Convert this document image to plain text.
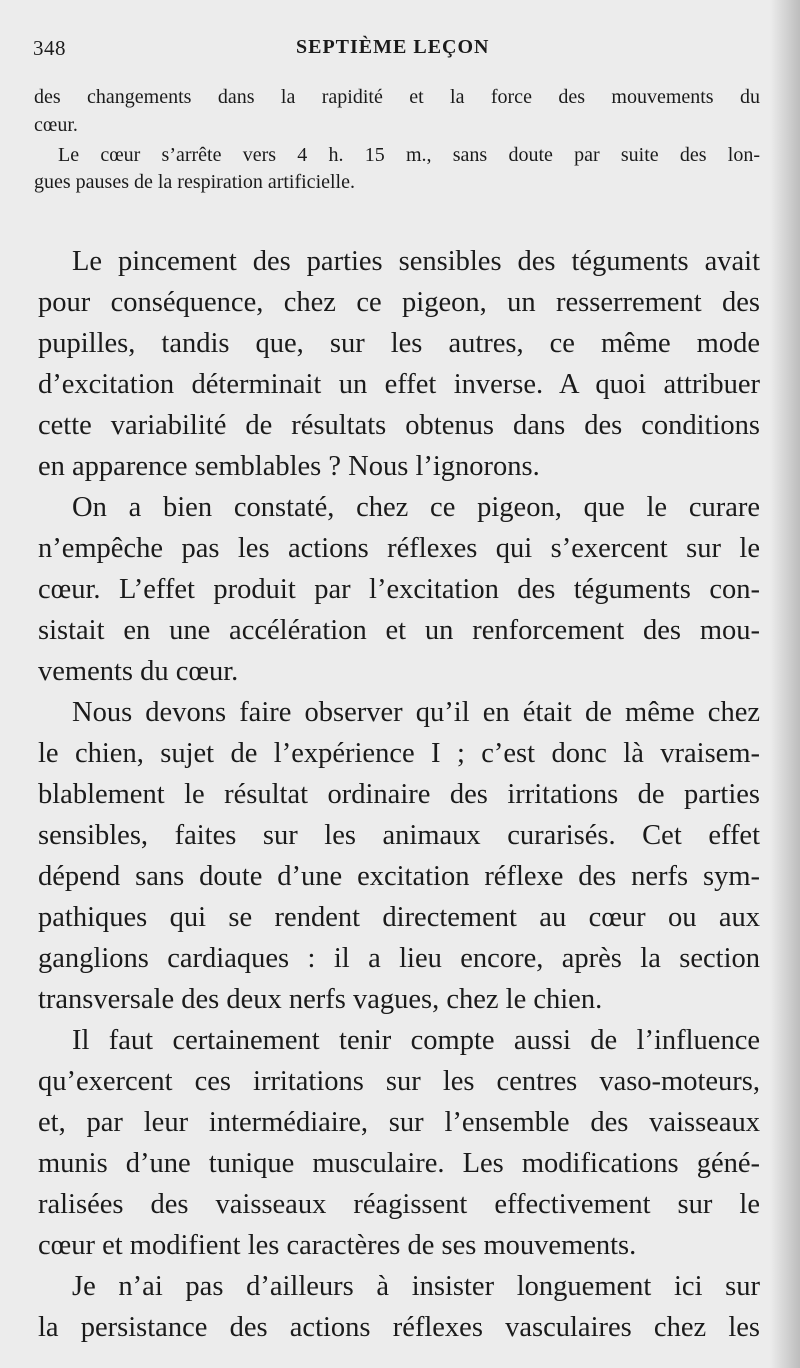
348	SEPTIÈME LEÇON
des changements dans la rapidité et la force des mouvements du
cœur.
Le cœur s’arrête vers 4 h. 15 m., sans doute par suite des lon-
gues pauses de la respiration artificielle.
Le pincement des parties sensibles des téguments avait
pour conséquence, chez ce pigeon, un resserrement des
pupilles, tandis que, sur les autres, ce même mode
d’excitation déterminait un effet inverse. A quoi attribuer
cette variabilité de résultats obtenus dans des conditions
en apparence semblables ? Nous l’ignorons.
On a bien constaté, chez ce pigeon, que le curare
n’empêche pas les actions réflexes qui s’exercent sur le
cœur. L’effet produit par l’excitation des téguments con-
sistait en une accélération et un renforcement des mou-
vements du cœur.
Nous devons faire observer qu’il en était de même chez
le chien, sujet de l’expérience I ; c’est donc là vraisem-
blablement le résultat ordinaire des irritations de parties
sensibles, faites sur les animaux curarisés. Cet effet
dépend sans doute d’une excitation réflexe des nerfs sym-
pathiques qui se rendent directement au cœur ou aux
ganglions cardiaques : il a lieu encore, après la section
transversale des deux nerfs vagues, chez le chien.
Il faut certainement tenir compte aussi de l’influence
qu’exercent ces irritations sur les centres vaso-moteurs,
et, par leur intermédiaire, sur l’ensemble des vaisseaux
munis d’une tunique musculaire. Les modifications géné-
ralisées des vaisseaux réagissent effectivement sur le
cœur et modifient les caractères de ses mouvements.
Je n’ai pas d’ailleurs à insister longuement ici sur
la persistance des actions réflexes vasculaires chez les
